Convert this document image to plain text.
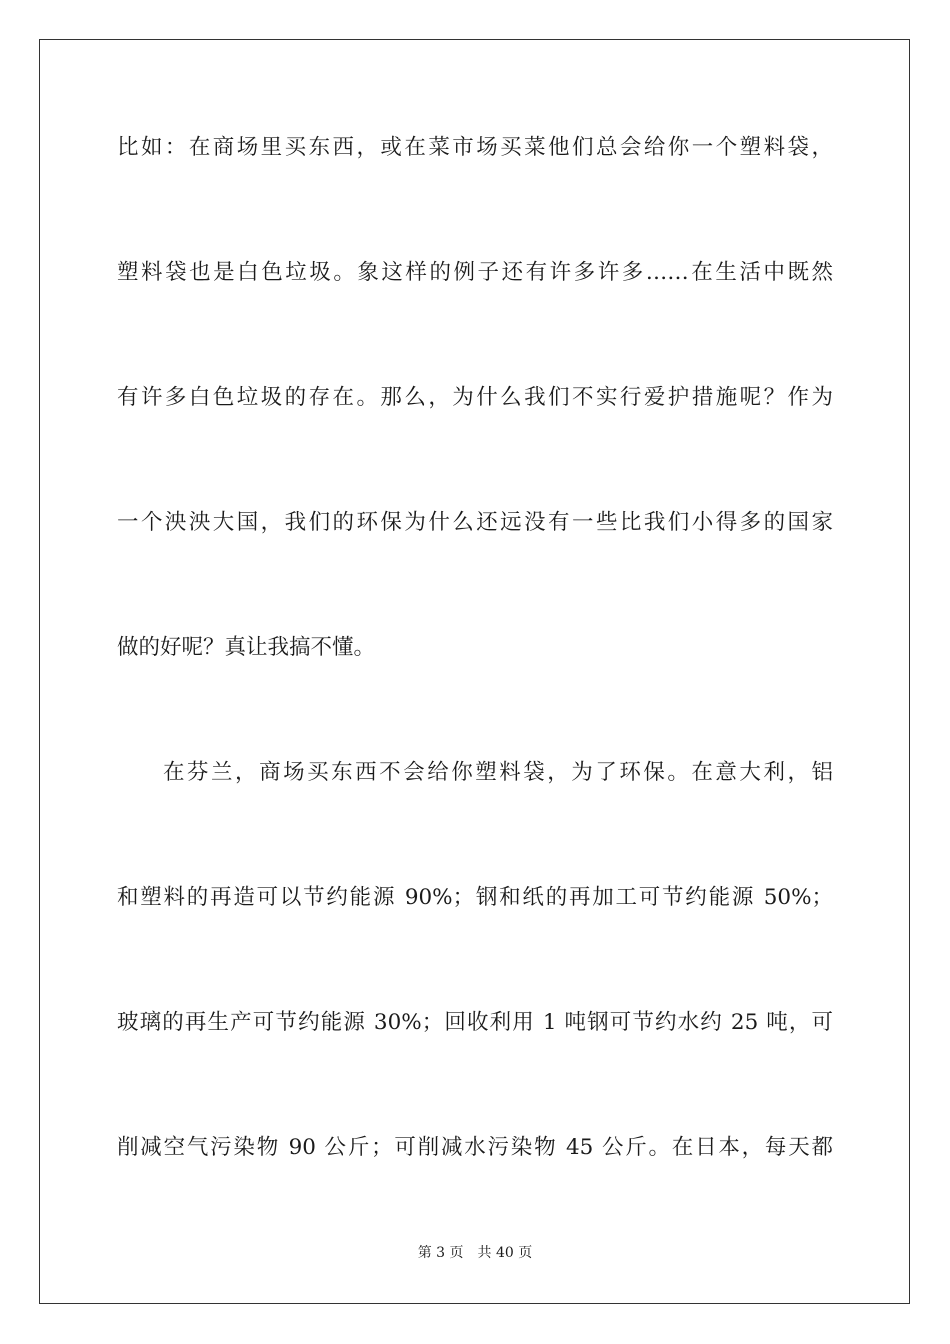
比如：在商场里买东西，或在菜市场买菜他们总会给你一个塑料袋，
塑料袋也是白色垃圾。象这样的例子还有许多许多……在生活中既然
有许多白色垃圾的存在。那么，为什么我们不实行爱护措施呢？作为
一个泱泱大国，我们的环保为什么还远没有一些比我们小得多的国家
做的好呢？真让我搞不懂。
在芬兰，商场买东西不会给你塑料袋，为了环保。在意大利，铝
和塑料的再造可以节约能源 90%；钢和纸的再加工可节约能源 50%；
玻璃的再生产可节约能源 30%；回收利用 1 吨钢可节约水约 25 吨，可
削减空气污染物 90 公斤；可削减水污染物 45 公斤。在日本，每天都
第 3 页 共 40 页
